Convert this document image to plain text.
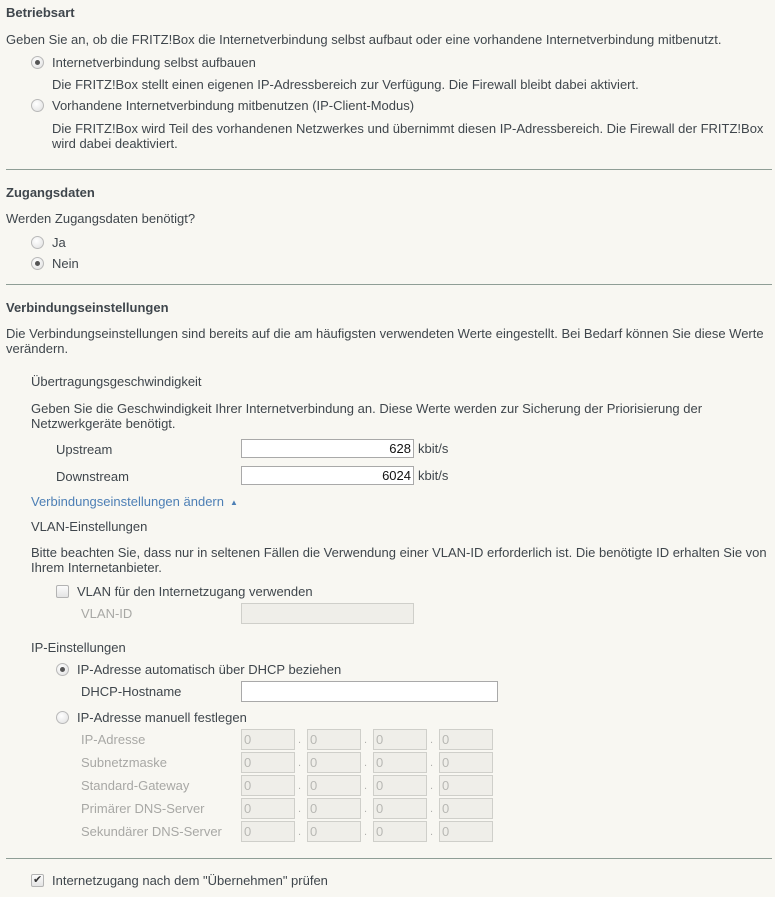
Betriebsart
Geben Sie an, ob die FRITZ!Box die Internetverbindung selbst aufbaut oder eine vorhandene Internetverbindung mitbenutzt.
Internetverbindung selbst aufbauen
Die FRITZ!Box stellt einen eigenen IP-Adressbereich zur Verfügung. Die Firewall bleibt dabei aktiviert.
Vorhandene Internetverbindung mitbenutzen (IP-Client-Modus)
Die FRITZ!Box wird Teil des vorhandenen Netzwerkes und übernimmt diesen IP-Adressbereich. Die Firewall der FRITZ!Box wird dabei deaktiviert.
Zugangsdaten
Werden Zugangsdaten benötigt?
Ja
Nein
Verbindungseinstellungen
Die Verbindungseinstellungen sind bereits auf die am häufigsten verwendeten Werte eingestellt. Bei Bedarf können Sie diese Werte verändern.
Übertragungsgeschwindigkeit
Geben Sie die Geschwindigkeit Ihrer Internetverbindung an. Diese Werte werden zur Sicherung der Priorisierung der Netzwerkgeräte benötigt.
Upstream	628 kbit/s
Downstream	6024 kbit/s
Verbindungseinstellungen ändern ▲
VLAN-Einstellungen
Bitte beachten Sie, dass nur in seltenen Fällen die Verwendung einer VLAN-ID erforderlich ist. Die benötigte ID erhalten Sie von Ihrem Internetanbieter.
VLAN für den Internetzugang verwenden
VLAN-ID
IP-Einstellungen
IP-Adresse automatisch über DHCP beziehen
DHCP-Hostname
IP-Adresse manuell festlegen
IP-Adresse	0	. 0	. 0	. 0
Subnetzmaske	0	. 0	. 0	. 0
Standard-Gateway	0	. 0	. 0	. 0
Primärer DNS-Server	0	. 0	. 0	. 0
Sekundärer DNS-Server 0	. 0	. 0	. 0
✔
Internetzugang nach dem "Übernehmen" prüfen
